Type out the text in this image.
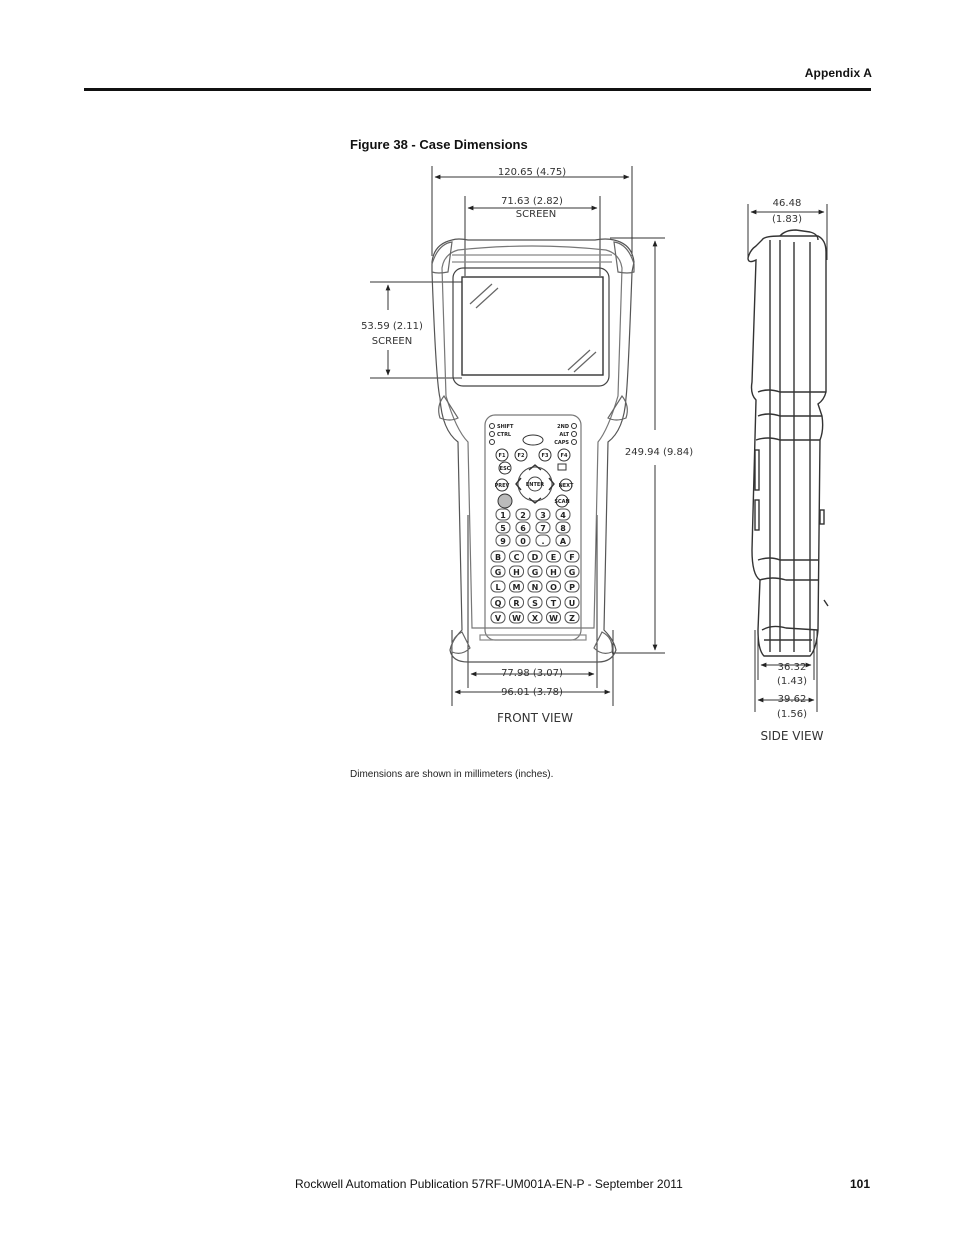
Appendix A
Figure 38 - Case Dimensions
120.65 (4.75)
71.63 (2.82)
SCREEN
53.59 (2.11)
SCREEN
249.94 (9.84)
77.98 (3.07)
96.01 (3.78)
FRONT VIEW
SHIFT
CTRL
2ND
ALT
CAPS
F1 F2	F3 F4
ENTER
ESC
PREV	NEXT
SCAN
1 2 3 4
5 6 7 8
9 0 . A
B C D E F
G H G H G
L M N O P
Q R S T U
V W X W Z
46.48
(1.83)
36.32
(1.43)
39.62
(1.56)
SIDE VIEW
Dimensions are shown in millimeters (inches).
Rockwell Automation Publication 57RF-UM001A-EN-P - September 2011	101
